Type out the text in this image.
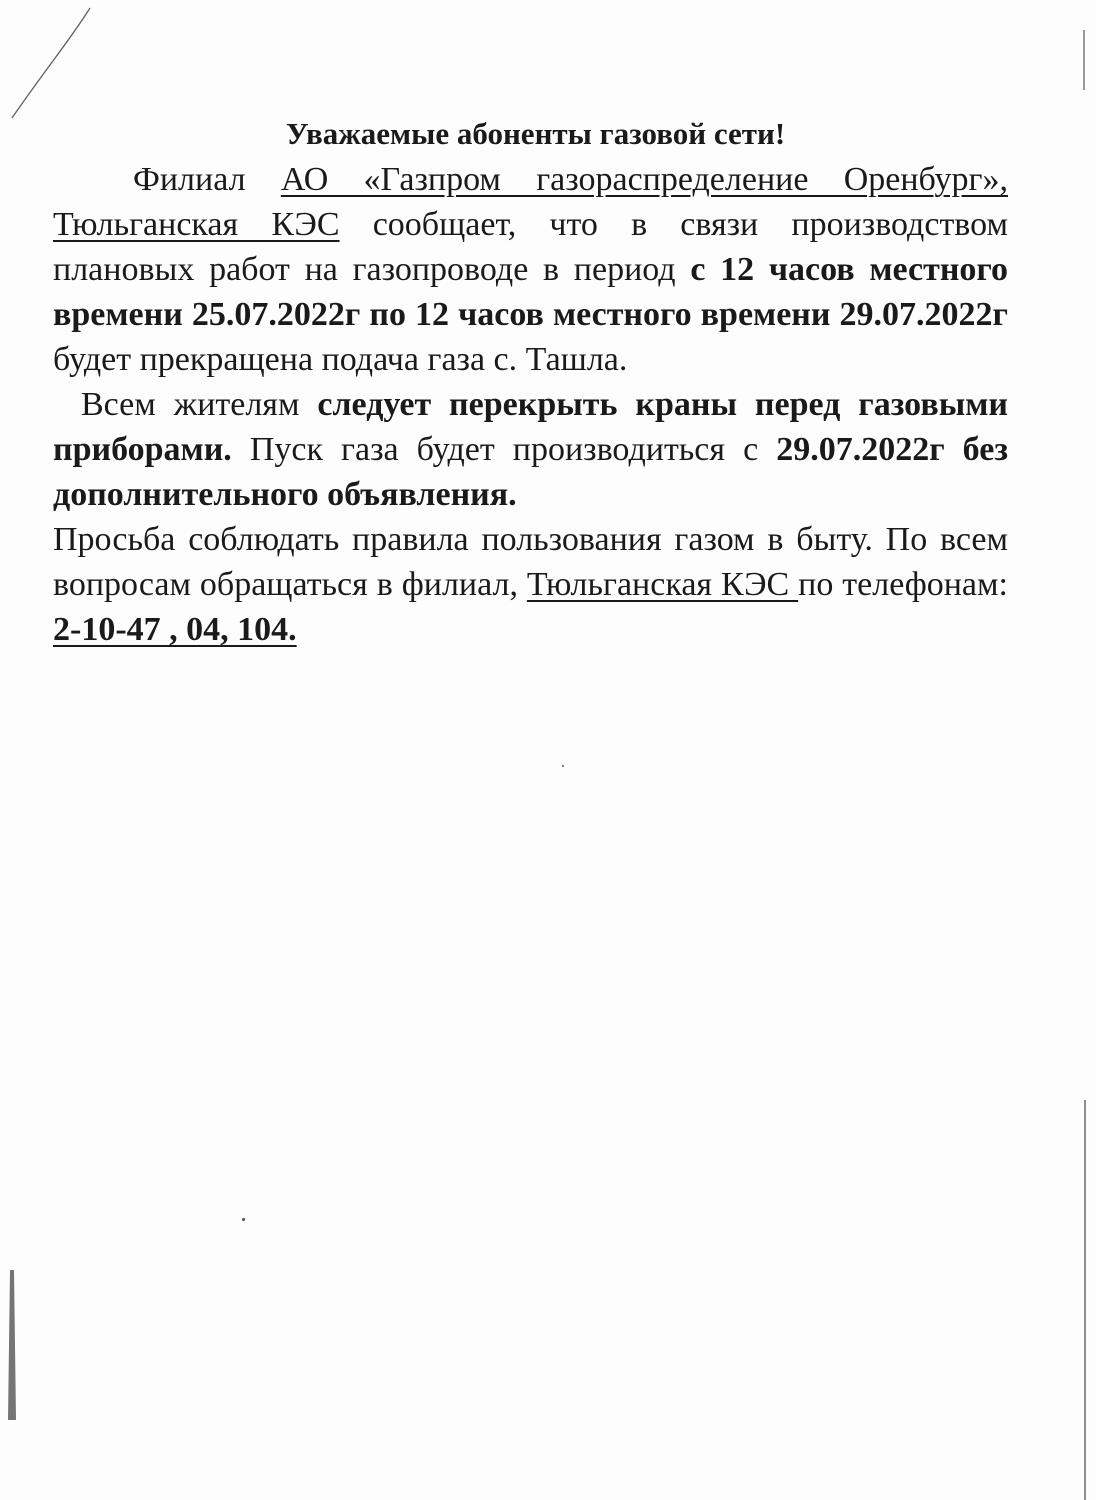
Уважаемые абоненты газовой сети!

Филиал АО «Газпром газораспределение Оренбург», Тюльганская КЭС сообщает, что в связи производством плановых работ на газопроводе в период с 12 часов местного времени 25.07.2022г по 12 часов местного времени 29.07.2022г будет прекращена подача газа с. Ташла.

Всем жителям следует перекрыть краны перед газовыми приборами. Пуск газа будет производиться с 29.07.2022г без дополнительного объявления.

Просьба соблюдать правила пользования газом в быту. По всем вопросам обращаться в филиал, Тюльганская КЭС по телефонам: 2-10-47 , 04, 104.
